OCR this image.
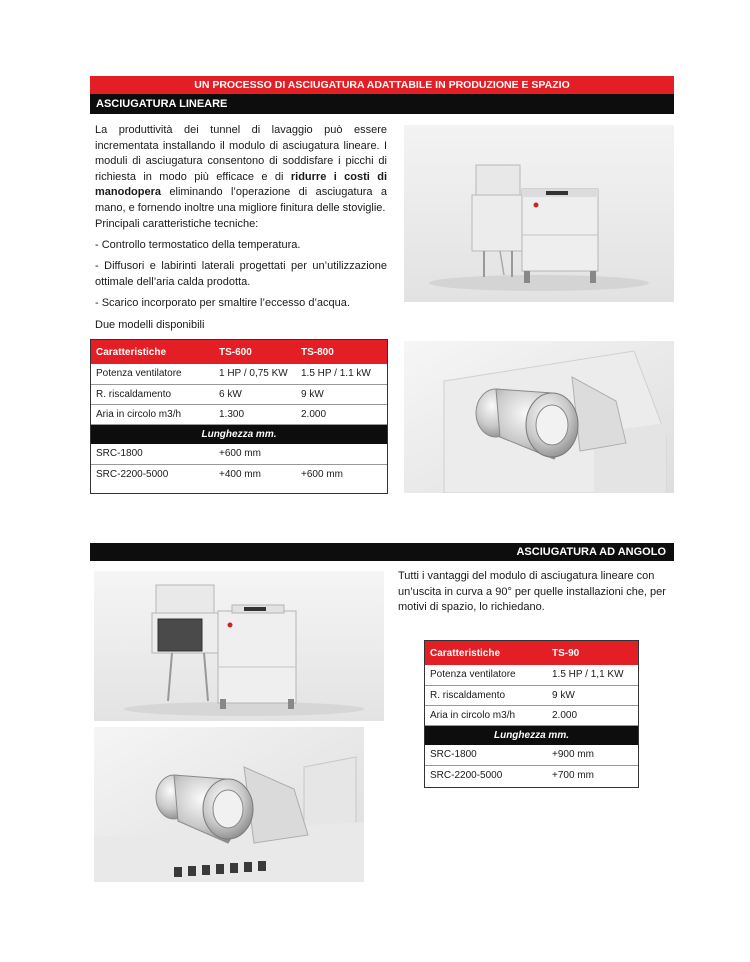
UN PROCESSO DI ASCIUGATURA ADATTABILE IN PRODUZIONE E SPAZIO
ASCIUGATURA LINEARE
La produttività dei tunnel di lavaggio può essere incrementata installando il modulo di asciugatura lineare. I moduli di asciugatura consentono di soddisfare i picchi di richiesta in modo più efficace e di ridurre i costi di manodopera eliminando l’operazione di asciugatura a mano, e fornendo inoltre una migliore finitura delle stoviglie.
Principali caratteristiche tecniche:
- Controllo termostatico della temperatura.
- Diffusori e labirinti laterali progettati per un’utilizzazione ottimale dell’aria calda prodotta.
- Scarico incorporato per smaltire l’eccesso d’acqua.
Due modelli disponibili
Caratteristiche	TS-600	TS-800
Potenza ventilatore	1 HP / 0,75 KW	1.5 HP / 1.1 kW
R. riscaldamento	6 kW	9 kW
Aria in circolo m3/h	1.300	2.000
Lunghezza mm.		
SRC-1800	+600 mm	
SRC-2200-5000	+400 mm	+600 mm
ASCIUGATURA AD ANGOLO
Tutti i vantaggi del modulo di asciugatura lineare con un’uscita in curva a 90° per quelle installazioni che, per motivi di spazio, lo richiedano.
Caratteristiche	TS-90
Potenza ventilatore	1.5 HP / 1,1 KW
R. riscaldamento	9 kW
Aria in circolo m3/h	2.000
Lunghezza mm.	
SRC-1800	+900 mm
SRC-2200-5000	+700 mm
